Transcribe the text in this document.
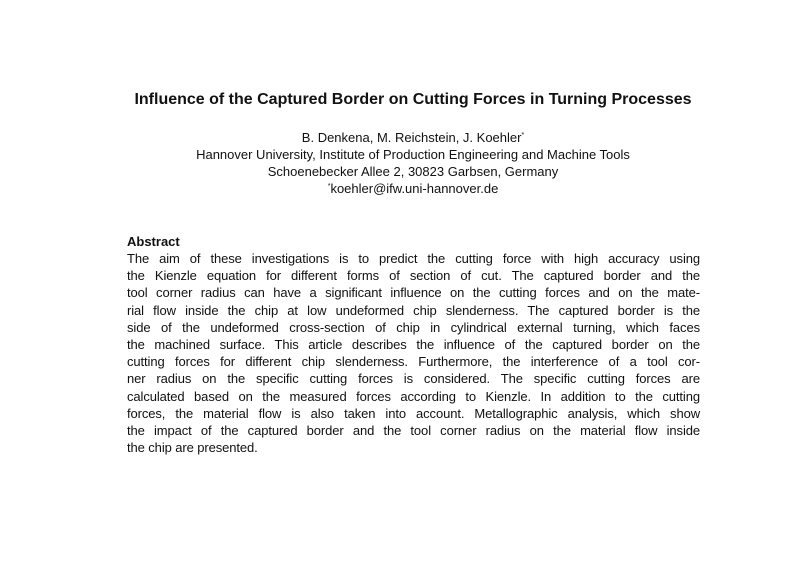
Influence of the Captured Border on Cutting Forces in Turning Processes
B. Denkena, M. Reichstein, J. Koehler*
Hannover University, Institute of Production Engineering and Machine Tools
Schoenebecker Allee 2, 30823 Garbsen, Germany
*koehler@ifw.uni-hannover.de
Abstract
The aim of these investigations is to predict the cutting force with high accuracy using
the Kienzle equation for different forms of section of cut. The captured border and the
tool corner radius can have a significant influence on the cutting forces and on the mate-
rial flow inside the chip at low undeformed chip slenderness. The captured border is the
side of the undeformed cross-section of chip in cylindrical external turning, which faces
the machined surface. This article describes the influence of the captured border on the
cutting forces for different chip slenderness. Furthermore, the interference of a tool cor-
ner radius on the specific cutting forces is considered. The specific cutting forces are
calculated based on the measured forces according to Kienzle. In addition to the cutting
forces, the material flow is also taken into account. Metallographic analysis, which show
the impact of the captured border and the tool corner radius on the material flow inside
the chip are presented.
